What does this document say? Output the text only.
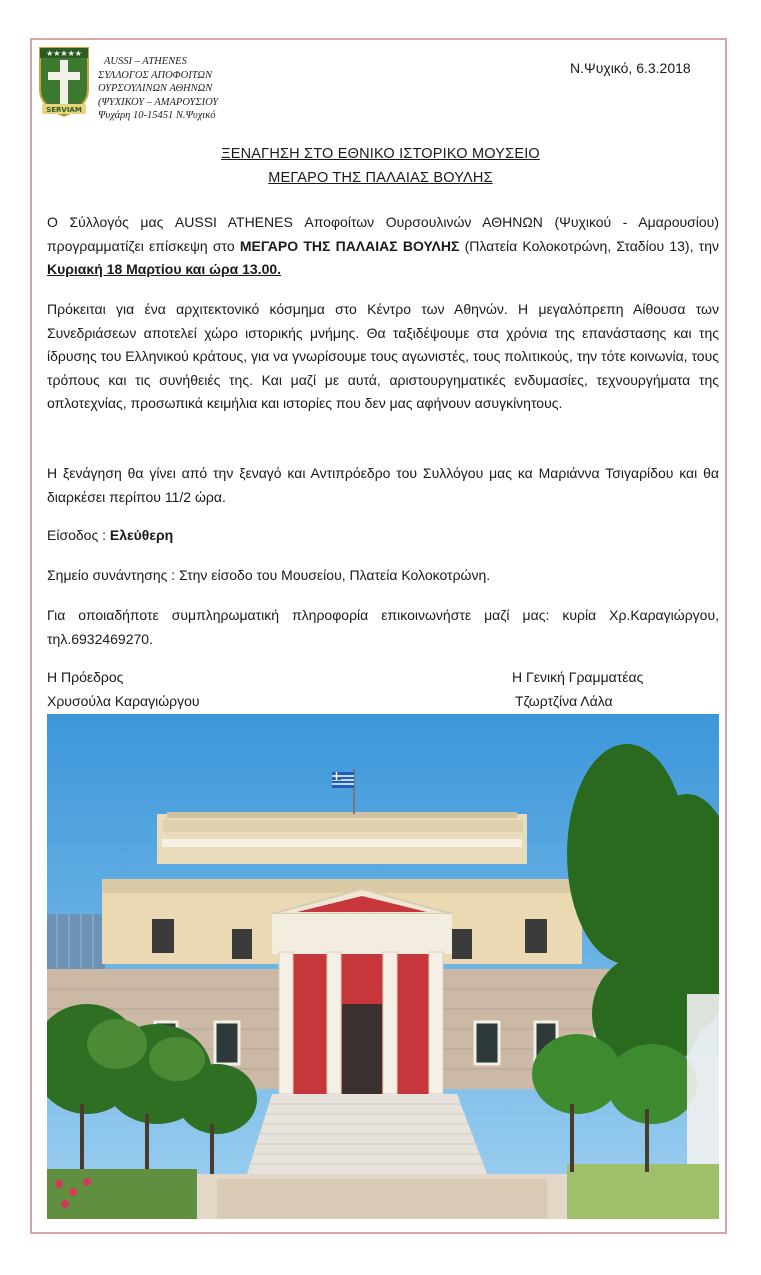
★★★★★
SERVIAM
AUSSI – ATHENES
ΣΥΛΛΟΓΟΣ ΑΠΟΦΟΙΤΩΝ
ΟΥΡΣΟΥΛΙΝΩΝ ΑΘΗΝΩΝ
(ΨΥΧΙΚΟΥ – ΑΜΑΡΟΥΣΙΟΥ
Ψυχάρη 10-15451 Ν.Ψυχικό
Ν.Ψυχικό, 6.3.2018
ΞΕΝΑΓΗΣΗ ΣΤΟ ΕΘΝΙΚΟ ΙΣΤΟΡΙΚΟ ΜΟΥΣΕΙΟ
ΜΕΓΑΡΟ ΤΗΣ ΠΑΛΑΙΑΣ ΒΟΥΛΗΣ
Ο Σύλλογός μας AUSSI ATHENES Αποφοίτων Ουρσουλινών ΑΘΗΝΩΝ (Ψυχικού - Αμαρουσίου) προγραμματίζει επίσκεψη στο ΜΕΓΑΡΟ ΤΗΣ ΠΑΛΑΙΑΣ ΒΟΥΛΗΣ (Πλατεία Κολοκοτρώνη, Σταδίου 13), την Κυριακή 18 Μαρτίου και ώρα 13.00.
Πρόκειται για ένα αρχιτεκτονικό κόσμημα στο Κέντρο των Αθηνών. Η μεγαλόπρεπη Αίθουσα των Συνεδριάσεων αποτελεί χώρο ιστορικής μνήμης. Θα ταξιδέψουμε στα χρόνια της επανάστασης και της ίδρυσης του Ελληνικού κράτους, για να γνωρίσουμε τους αγωνιστές, τους πολιτικούς, την τότε κοινωνία, τους τρόπους και τις συνήθειές της. Και μαζί με αυτά, αριστουργηματικές ενδυμασίες, τεχνουργήματα της οπλοτεχνίας, προσωπικά κειμήλια και ιστορίες που δεν μας αφήνουν ασυγκίνητους.
Η ξενάγηση θα γίνει από την ξεναγό και Αντιπρόεδρο του Συλλόγου μας κα Μαριάννα Τσιγαρίδου και θα διαρκέσει περίπου 11/2 ώρα.
Είσοδος : Ελεύθερη
Σημείο συνάντησης : Στην είσοδο του Μουσείου, Πλατεία Κολοκοτρώνη.
Για οποιαδήποτε συμπληρωματική πληροφορία επικοινωνήστε μαζί μας: κυρία Χρ.Καραγιώργου, τηλ.6932469270.
Η Πρόεδρος
Χρυσούλα Καραγιώργου
Η Γενική Γραμματέας
Τζωρτζίνα Λάλα
